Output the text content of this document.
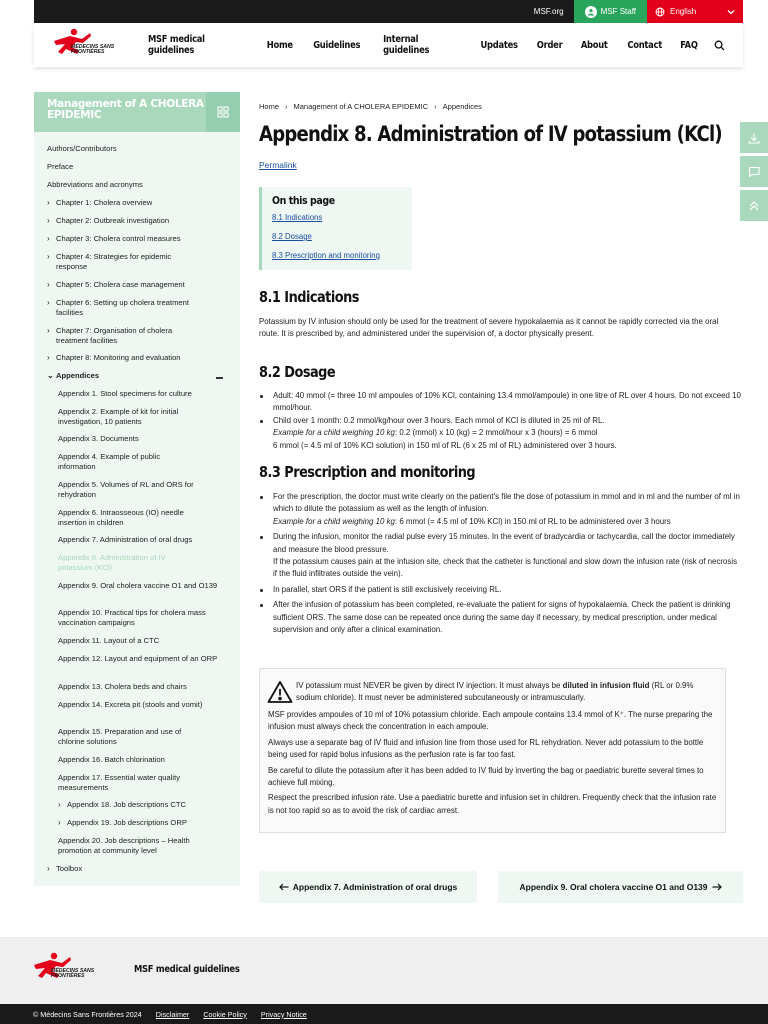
MSF.org	MSF Staff	English
MÉDECINS SANS FRONTIÈRES
MSF medical guidelines	Home Guidelines Internal guidelines	Updates Order About Contact FAQ
Management of A CHOLERA EPIDEMIC
Authors/Contributors
Preface
Abbreviations and acronyms
› Chapter 1: Cholera overview
› Chapter 2: Outbreak investigation
› Chapter 3: Cholera control measures
› Chapter 4: Strategies for epidemic response
› Chapter 5: Cholera case management
› Chapter 6: Setting up cholera treatment facilities
› Chapter 7: Organisation of cholera treatment facilities
› Chapter 8: Monitoring and evaluation
⌄ Appendices
Appendix 1. Stool specimens for culture
Appendix 2. Example of kit for initial investigation, 10 patients
Appendix 3. Documents
Appendix 4. Example of public information
Appendix 5. Volumes of RL and ORS for rehydration
Appendix 6. Intraosseous (IO) needle insertion in children
Appendix 7. Administration of oral drugs
Appendix 8. Administration of IV potassium (KCl)
Appendix 9. Oral cholera vaccine O1 and O139
Appendix 10. Practical tips for cholera mass vaccination campaigns
Appendix 11. Layout of a CTC
Appendix 12. Layout and equipment of an ORP
Appendix 13. Cholera beds and chairs
Appendix 14. Excreta pit (stools and vomit)
Appendix 15. Preparation and use of chlorine solutions
Appendix 16. Batch chlorination
Appendix 17. Essential water quality measurements
› Appendix 18. Job descriptions CTC
› Appendix 19. Job descriptions ORP
Appendix 20. Job descriptions – Health promotion at community level
› Toolbox
Home › Management of A CHOLERA EPIDEMIC › Appendices
Appendix 8. Administration of IV potassium (KCl)
Permalink
On this page
8.1 Indications
8.2 Dosage
8.3 Prescription and monitoring
8.1 Indications
Potassium by IV infusion should only be used for the treatment of severe hypokalaemia as it cannot be rapidly corrected via the oral route. It is prescribed by, and administered under the supervision of, a doctor physically present.
8.2 Dosage
Adult: 40 mmol (= three 10 ml ampoules of 10% KCl, containing 13.4 mmol/ampoule) in one litre of RL over 4 hours. Do not exceed 10 mmol/hour.
Child over 1 month: 0.2 mmol/kg/hour over 3 hours. Each mmol of KCl is diluted in 25 ml of RL.
Example for a child weighing 10 kg: 0.2 (mmol) x 10 (kg) = 2 mmol/hour x 3 (hours) = 6 mmol
6 mmol (= 4.5 ml of 10% KCl solution) in 150 ml of RL (6 x 25 ml of RL) administered over 3 hours.
8.3 Prescription and monitoring
For the prescription, the doctor must write clearly on the patient's file the dose of potassium in mmol and in ml and the number of ml in which to dilute the potassium as well as the length of infusion.
Example for a child weighing 10 kg: 6 mmol (= 4.5 ml of 10% KCl) in 150 ml of RL to be administered over 3 hours
During the infusion, monitor the radial pulse every 15 minutes. In the event of bradycardia or tachycardia, call the doctor immediately and measure the blood pressure.
If the potassium causes pain at the infusion site, check that the catheter is functional and slow down the infusion rate (risk of necrosis if the fluid infiltrates outside the vein).
In parallel, start ORS if the patient is still exclusively receiving RL.
After the infusion of potassium has been completed, re-evaluate the patient for signs of hypokalaemia. Check the patient is drinking sufficient ORS. The same dose can be repeated once during the same day if necessary, by medical prescription, under medical supervision and only after a clinical examination.

IV potassium must NEVER be given by direct IV injection. It must always be diluted in infusion fluid (RL or 0.9% sodium chloride). It must never be administered subcutaneously or intramuscularly.

MSF provides ampoules of 10 ml of 10% potassium chloride. Each ampoule contains 13.4 mmol of K⁺. The nurse preparing the infusion must always check the concentration in each ampoule.

Always use a separate bag of IV fluid and infusion line from those used for RL rehydration. Never add potassium to the bottle being used for rapid bolus infusions as the perfusion rate is far too fast.

Be careful to dilute the potassium after it has been added to IV fluid by inverting the bag or paediatric burette several times to achieve full mixing.

Respect the prescribed infusion rate. Use a paediatric burette and infusion set in children. Frequently check that the infusion rate is not too rapid so as to avoid the risk of cardiac arrest.

Appendix 7. Administration of oral drugs	Appendix 9. Oral cholera vaccine O1 and O139
MÉDECINS SANS FRONTIÈRES
MSF medical guidelines
© Médecins Sans Frontières 2024 Disclaimer Cookie Policy Privacy Notice
